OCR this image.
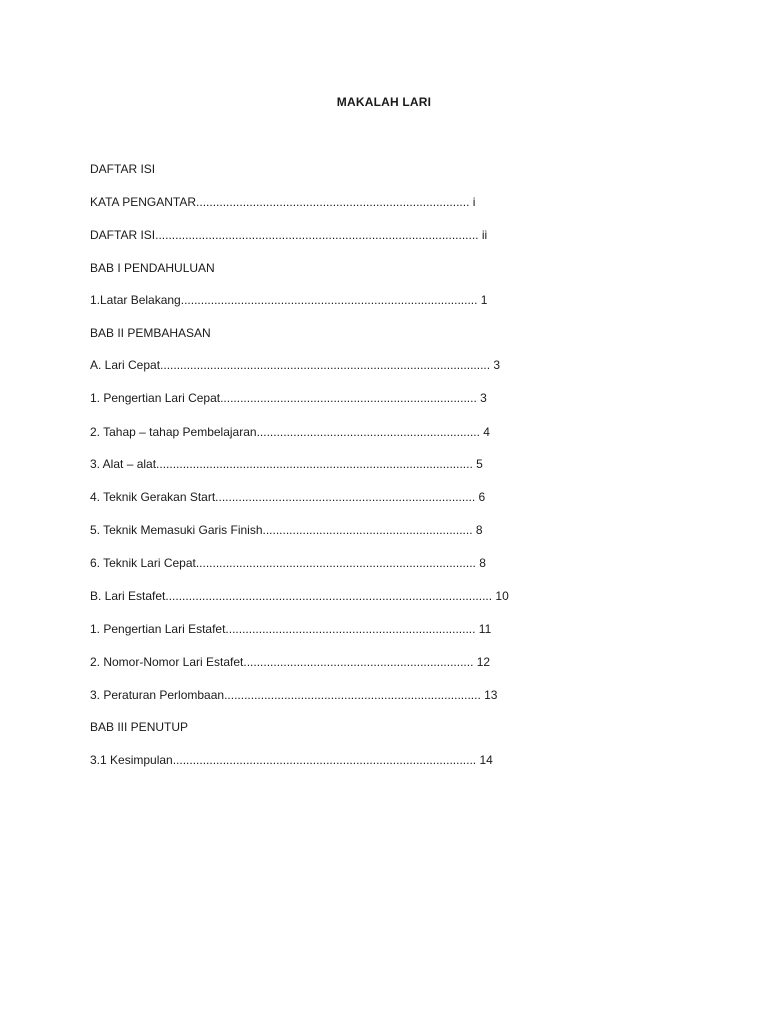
MAKALAH LARI
DAFTAR ISI
KATA PENGANTAR.................................................................................. i
DAFTAR ISI................................................................................................. ii
BAB I PENDAHULUAN
1.Latar Belakang......................................................................................... 1
BAB II PEMBAHASAN
A. Lari Cepat................................................................................................... 3
1. Pengertian Lari Cepat............................................................................. 3
2. Tahap – tahap Pembelajaran................................................................... 4
3. Alat – alat............................................................................................... 5
4. Teknik Gerakan Start.............................................................................. 6
5. Teknik Memasuki Garis Finish............................................................... 8
6. Teknik Lari Cepat.................................................................................... 8
B. Lari Estafet.................................................................................................. 10
1. Pengertian Lari Estafet........................................................................... 11
2. Nomor-Nomor Lari Estafet..................................................................... 12
3. Peraturan Perlombaan............................................................................. 13
BAB III PENUTUP
3.1 Kesimpulan........................................................................................... 14
